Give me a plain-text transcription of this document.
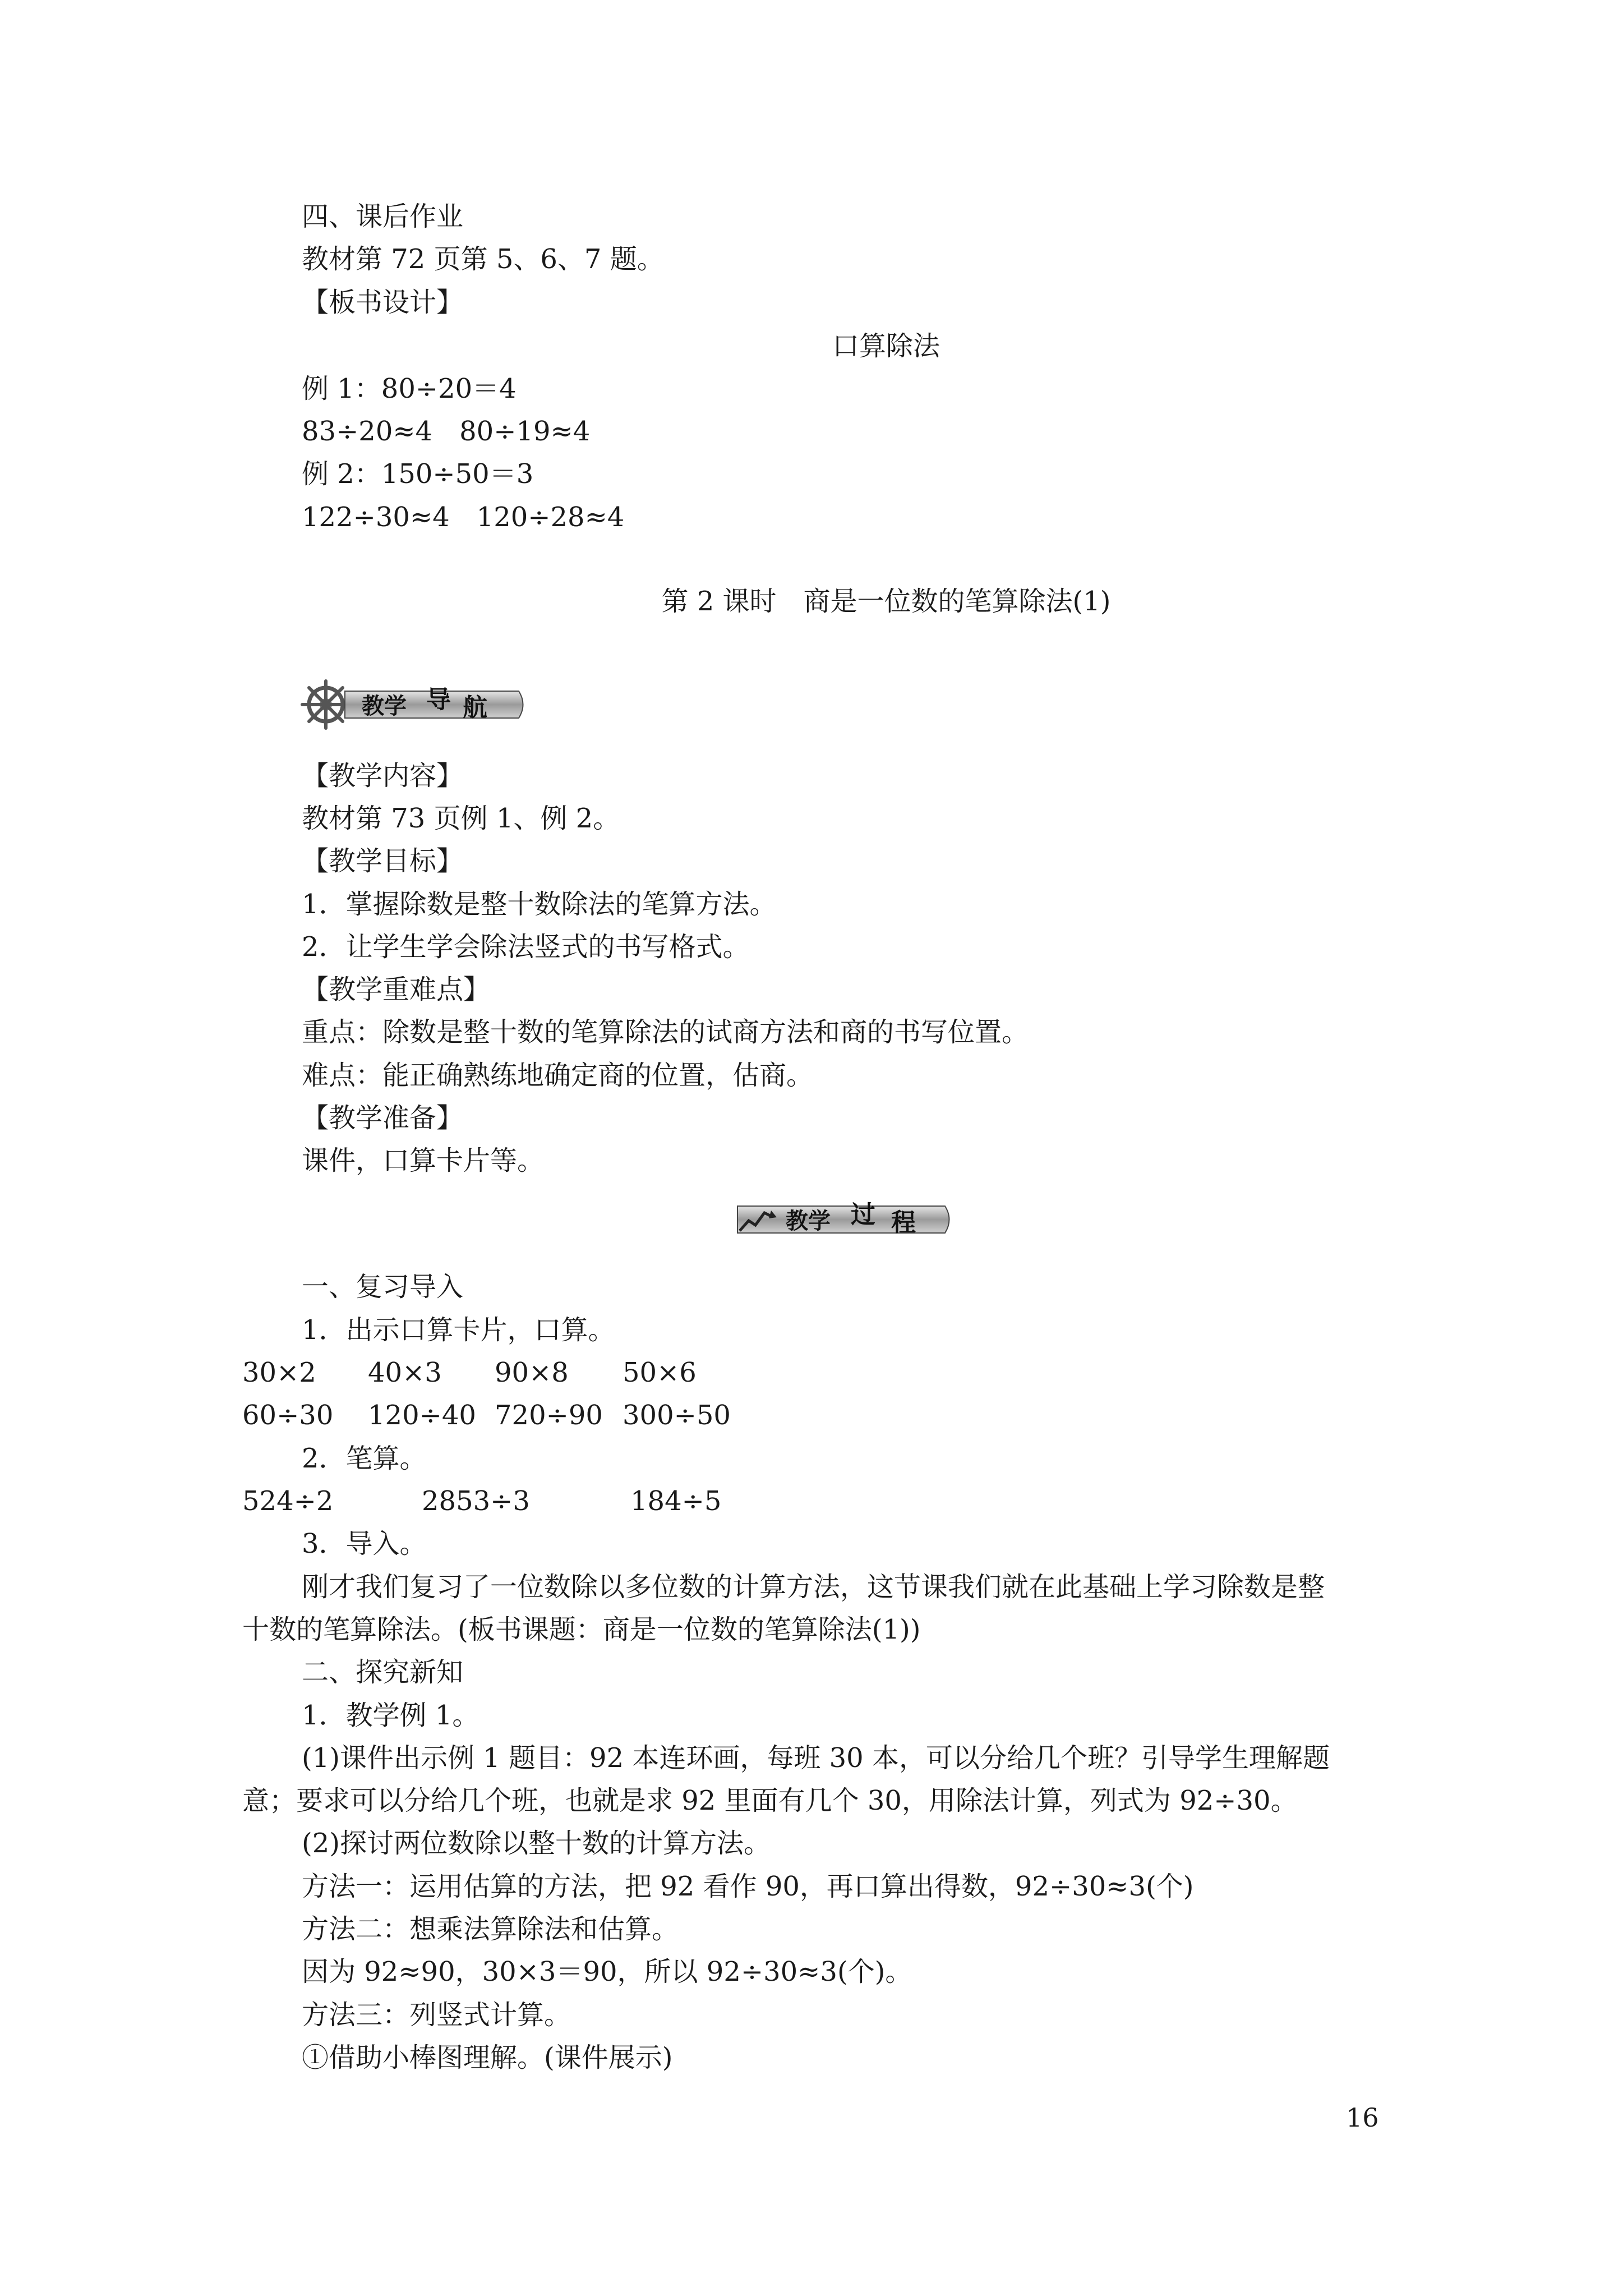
四、课后作业
教材第 72 页第 5、6、7 题。
【板书设计】
口算除法
例 1：80÷20＝4
83÷20≈4　80÷19≈4
例 2：150÷50＝3
122÷30≈4　120÷28≈4
第 2 课时　商是一位数的笔算除法(1)
教学 导 航
【教学内容】
教材第 73 页例 1、例 2。
【教学目标】
1．掌握除数是整十数除法的笔算方法。
2．让学生学会除法竖式的书写格式。
【教学重难点】
重点：除数是整十数的笔算除法的试商方法和商的书写位置。
难点：能正确熟练地确定商的位置，估商。
【教学准备】
课件，口算卡片等。
教学 过 程
一、复习导入
1．出示口算卡片，口算。
30×2 40×3 90×8 50×6
60÷30 120÷40 720÷90 300÷50
2．笔算。
524÷2	2853÷3	184÷5
3．导入。
刚才我们复习了一位数除以多位数的计算方法，这节课我们就在此基础上学习除数是整
十数的笔算除法。(板书课题：商是一位数的笔算除法(1))
二、探究新知
1．教学例 1。
(1)课件出示例 1 题目：92 本连环画，每班 30 本，可以分给几个班？引导学生理解题
意；要求可以分给几个班，也就是求 92 里面有几个 30，用除法计算，列式为 92÷30。
(2)探讨两位数除以整十数的计算方法。
方法一：运用估算的方法，把 92 看作 90，再口算出得数，92÷30≈3(个)
方法二：想乘法算除法和估算。
因为 92≈90，30×3＝90，所以 92÷30≈3(个)。
方法三：列竖式计算。
①借助小棒图理解。(课件展示)
16
